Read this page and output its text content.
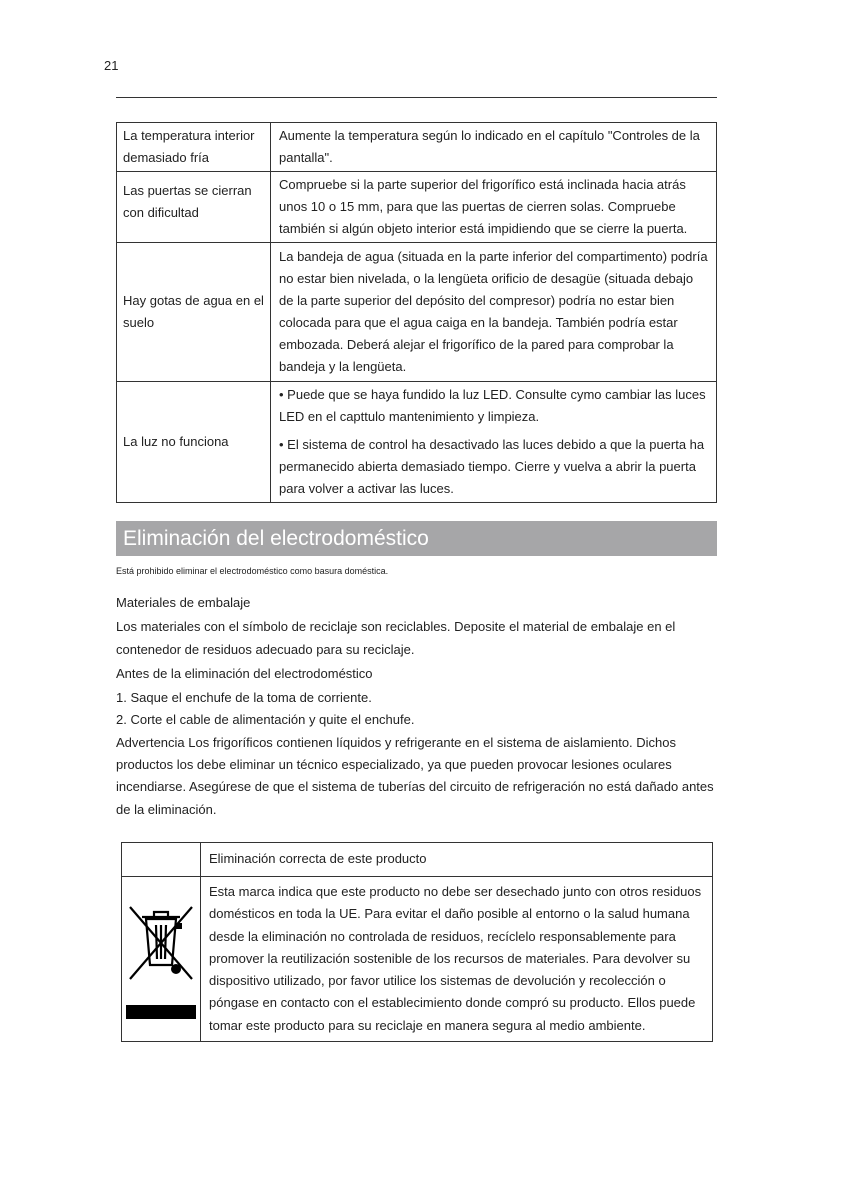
21
La temperatura interior demasiado fría	Aumente la temperatura según lo indicado en el capítulo "Controles de la pantalla".

Las puertas se cierran con dificultad	Compruebe si la parte superior del frigorífico está inclinada hacia atrás unos 10 o 15 mm, para que las puertas de cierren solas. Compruebe también si algún objeto interior está impidiendo que se cierre la puerta.

Hay gotas de agua en el suelo	La bandeja de agua (situada en la parte inferior del compartimento) podría no estar bien nivelada, o la lengüeta orificio de desagüe (situada debajo de la parte superior del depósito del compresor) podría no estar bien colocada para que el agua caiga en la bandeja. También podría estar embozada. Deberá alejar el frigorífico de la pared para comprobar la bandeja y la lengüeta.

La luz no funciona	• Puede que se haya fundido la luz LED. Consulte cymo cambiar las luces LED en el capttulo mantenimiento y limpieza.

• El sistema de control ha desactivado las luces debido a que la puerta ha permanecido abierta demasiado tiempo. Cierre y vuelva a abrir la puerta para volver a activar las luces.

Eliminación del electrodoméstico
Está prohibido eliminar el electrodoméstico como basura doméstica.

Materiales de embalaje

Los materiales con el símbolo de reciclaje son reciclables. Deposite el material de embalaje en el contenedor de residuos adecuado para su reciclaje.

Antes de la eliminación del electrodoméstico

1. Saque el enchufe de la toma de corriente.

2. Corte el cable de alimentación y quite el enchufe.

Advertencia Los frigoríficos contienen líquidos y refrigerante en el sistema de aislamiento. Dichos productos los debe eliminar un técnico especializado, ya que pueden provocar lesiones oculares incendiarse. Asegúrese de que el sistema de tuberías del circuito de refrigeración no está dañado antes de la eliminación.

	Eliminación correcta de este producto

	Esta marca indica que este producto no debe ser desechado junto con otros residuos domésticos en toda la UE. Para evitar el daño posible al entorno o la salud humana desde la eliminación no controlada de residuos, recíclelo responsablemente para promover la reutilización sostenible de los recursos de materiales. Para devolver su dispositivo utilizado, por favor utilice los sistemas de devolución y recolección o póngase en contacto con el establecimiento donde compró su producto. Ellos puede tomar este producto para su reciclaje en manera segura al medio ambiente.
